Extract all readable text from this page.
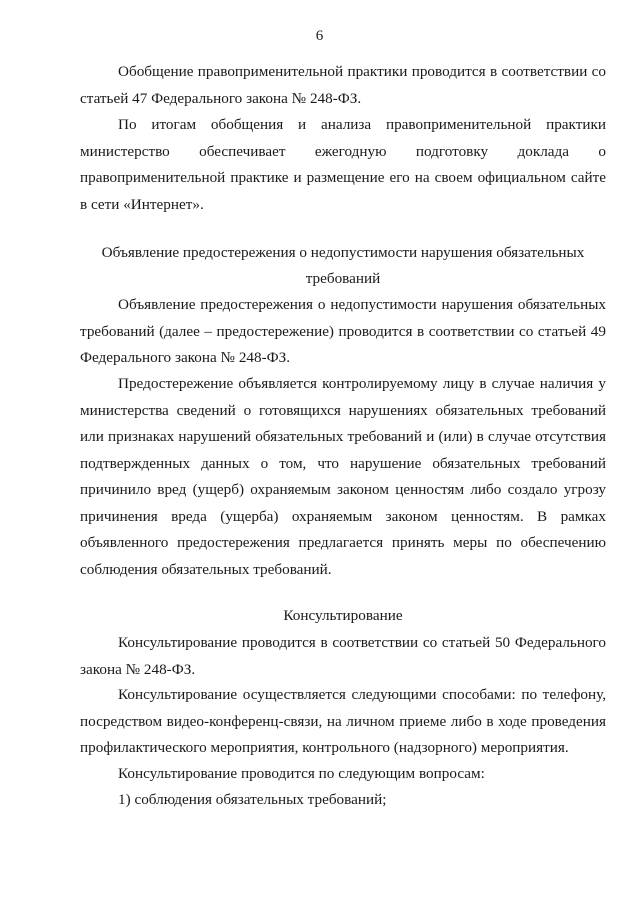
6

Обобщение правоприменительной практики проводится в соответствии со статьей 47 Федерального закона № 248-ФЗ.

По итогам обобщения и анализа правоприменительной практики министерство обеспечивает ежегодную подготовку доклада о правоприменительной практике и размещение его на своем официальном сайте в сети «Интернет».

Объявление предостережения о недопустимости нарушения обязательных требований

Объявление предостережения о недопустимости нарушения обязательных требований (далее – предостережение) проводится в соответствии со статьей 49 Федерального закона № 248-ФЗ.

Предостережение объявляется контролируемому лицу в случае наличия у министерства сведений о готовящихся нарушениях обязательных требований или признаках нарушений обязательных требований и (или) в случае отсутствия подтвержденных данных о том, что нарушение обязательных требований причинило вред (ущерб) охраняемым законом ценностям либо создало угрозу причинения вреда (ущерба) охраняемым законом ценностям. В рамках объявленного предостережения предлагается принять меры по обеспечению соблюдения обязательных требований.

Консультирование

Консультирование проводится в соответствии со статьей 50 Федерального закона № 248-ФЗ.

Консультирование осуществляется следующими способами: по телефону, посредством видео-конференц-связи, на личном приеме либо в ходе проведения профилактического мероприятия, контрольного (надзорного) мероприятия.

Консультирование проводится по следующим вопросам:

1) соблюдения обязательных требований;
